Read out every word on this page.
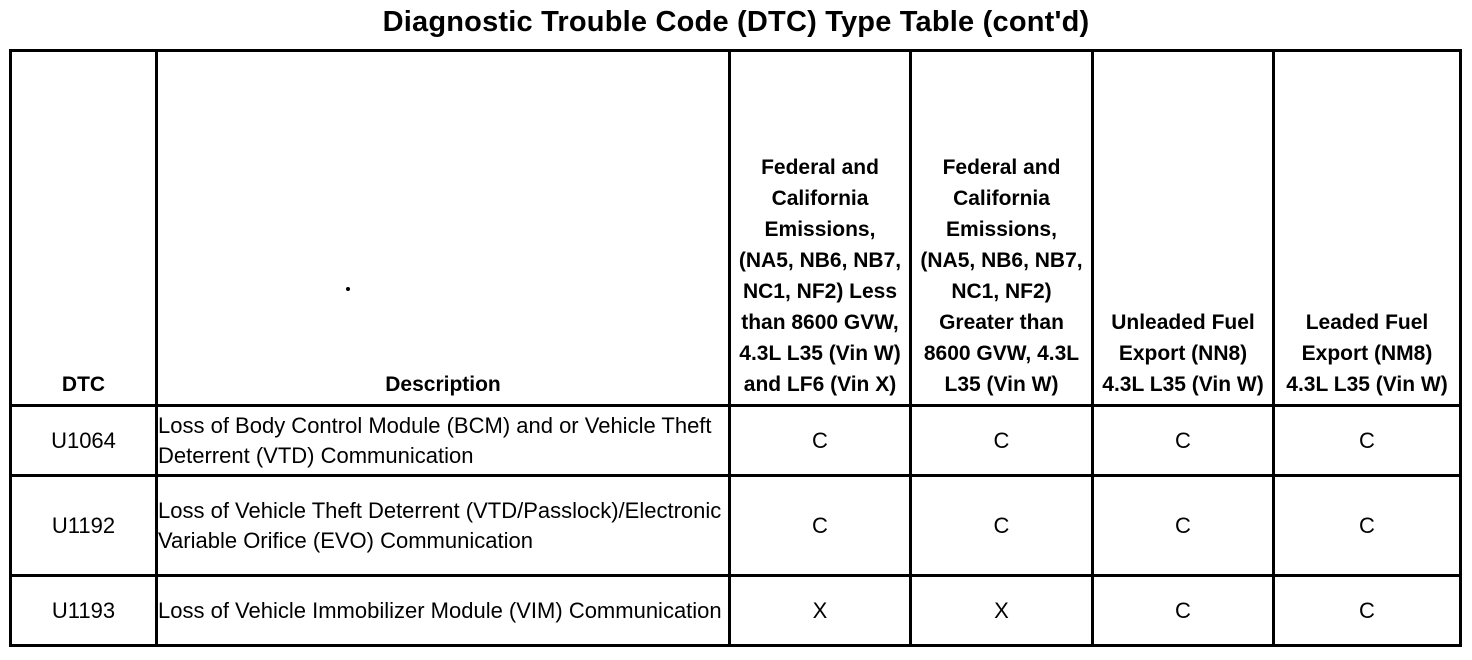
Diagnostic Trouble Code (DTC) Type Table (cont'd)
DTC	Description	Federal and California Emissions, (NA5, NB6, NB7, NC1, NF2) Less than 8600 GVW, 4.3L L35 (Vin W) and LF6 (Vin X)	Federal and California Emissions, (NA5, NB6, NB7, NC1, NF2) Greater than 8600 GVW, 4.3L L35 (Vin W)	Unleaded Fuel Export (NN8) 4.3L L35 (Vin W)	Leaded Fuel Export (NM8) 4.3L L35 (Vin W)

U1064	Loss of Body Control Module (BCM) and or Vehicle Theft Deterrent (VTD) Communication	C	C	C	C
U1192	Loss of Vehicle Theft Deterrent (VTD/Passlock)/Electronic Variable Orifice (EVO) Communication	C	C	C	C
U1193	Loss of Vehicle Immobilizer Module (VIM) Communication	X	X	C	C
